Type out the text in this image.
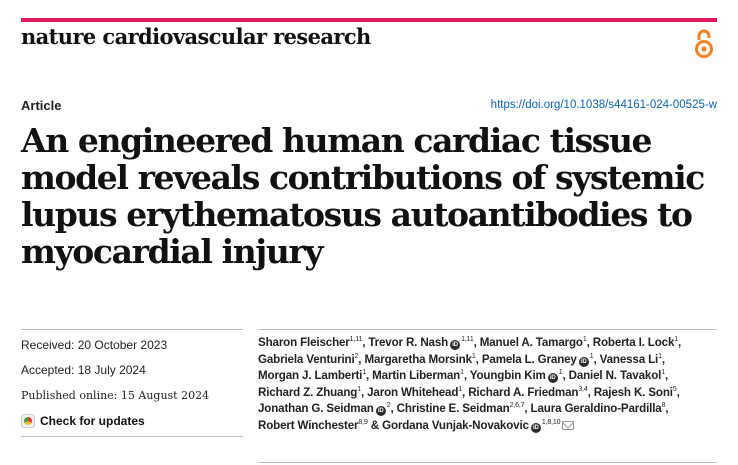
nature cardiovascular research
Article	https://doi.org/10.1038/s44161-024-00525-w
An engineered human cardiac tissue
model reveals contributions of systemic
lupus erythematosus autoantibodies to
myocardial injury
Received: 20 October 2023
Accepted: 18 July 2024
Published online: 15 August 2024
Check for updates
Sharon Fleischer$^{1,11}$, Trevor R. Nash iD$^{1,11}$, Manuel A. Tamargo$^1$, Roberta I. Lock$^1$, Gabriela Venturini$^2$, Margaretha Morsink$^1$, Pamela L. Graney $iD^1$, Vanessa Li$^1$, Morgan J. Lamberti$^1$, Martin Liberman$^1$, Youngbin Kim $iD^1$, Daniel N. Tavakol$^1$, Richard Z. Zhuang$^1$, Jaron Whitehead$^1$, Richard A. Friedman$^{3,4}$, Rajesh K. Soni$^5$, Jonathan G. Seidman $iD^2$, Christine E. Seidman$^{2,6,7}$, Laura Geraldino-Pardilla$^8$, Robert Winchester$^{8,9}$ & Gordana Vunjak-Novakovic iD$^{1,8,10}$
